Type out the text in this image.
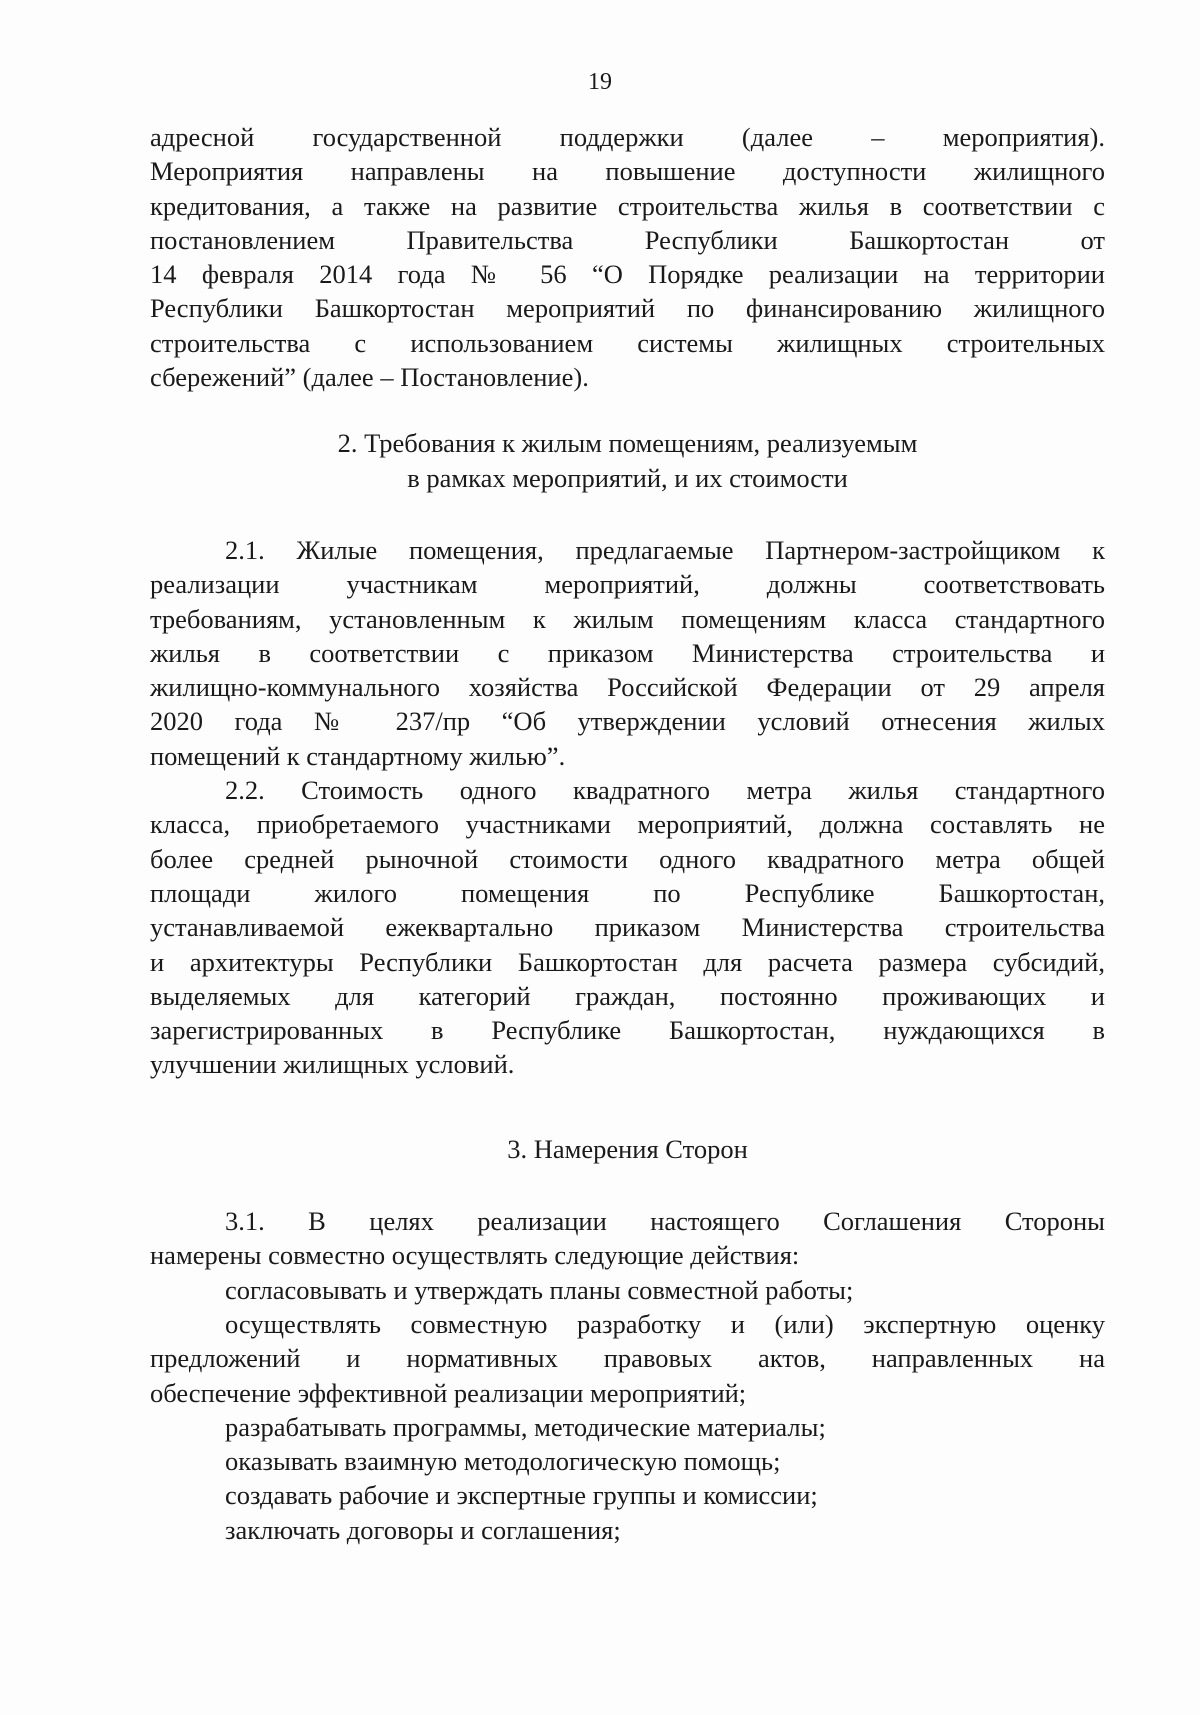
19
адресной государственной поддержки (далее – мероприятия).
Мероприятия направлены на повышение доступности жилищного
кредитования, а также на развитие строительства жилья в соответствии с
постановлением Правительства Республики Башкортостан от
14 февраля 2014 года № 56 “О Порядке реализации на территории
Республики Башкортостан мероприятий по финансированию жилищного
строительства с использованием системы жилищных строительных
сбережений” (далее – Постановление).
2. Требования к жилым помещениям, реализуемым
в рамках мероприятий, и их стоимости
2.1. Жилые помещения, предлагаемые Партнером-застройщиком к
реализации участникам мероприятий, должны соответствовать
требованиям, установленным к жилым помещениям класса стандартного
жилья в соответствии с приказом Министерства строительства и
жилищно-коммунального хозяйства Российской Федерации от 29 апреля
2020 года № 237/пр “Об утверждении условий отнесения жилых
помещений к стандартному жилью”.
2.2. Стоимость одного квадратного метра жилья стандартного
класса, приобретаемого участниками мероприятий, должна составлять не
более средней рыночной стоимости одного квадратного метра общей
площади жилого помещения по Республике Башкортостан,
устанавливаемой ежеквартально приказом Министерства строительства
и архитектуры Республики Башкортостан для расчета размера субсидий,
выделяемых для категорий граждан, постоянно проживающих и
зарегистрированных в Республике Башкортостан, нуждающихся в
улучшении жилищных условий.
3. Намерения Сторон
3.1. В целях реализации настоящего Соглашения Стороны
намерены совместно осуществлять следующие действия:
согласовывать и утверждать планы совместной работы;
осуществлять совместную разработку и (или) экспертную оценку
предложений и нормативных правовых актов, направленных на
обеспечение эффективной реализации мероприятий;
разрабатывать программы, методические материалы;
оказывать взаимную методологическую помощь;
создавать рабочие и экспертные группы и комиссии;
заключать договоры и соглашения;
